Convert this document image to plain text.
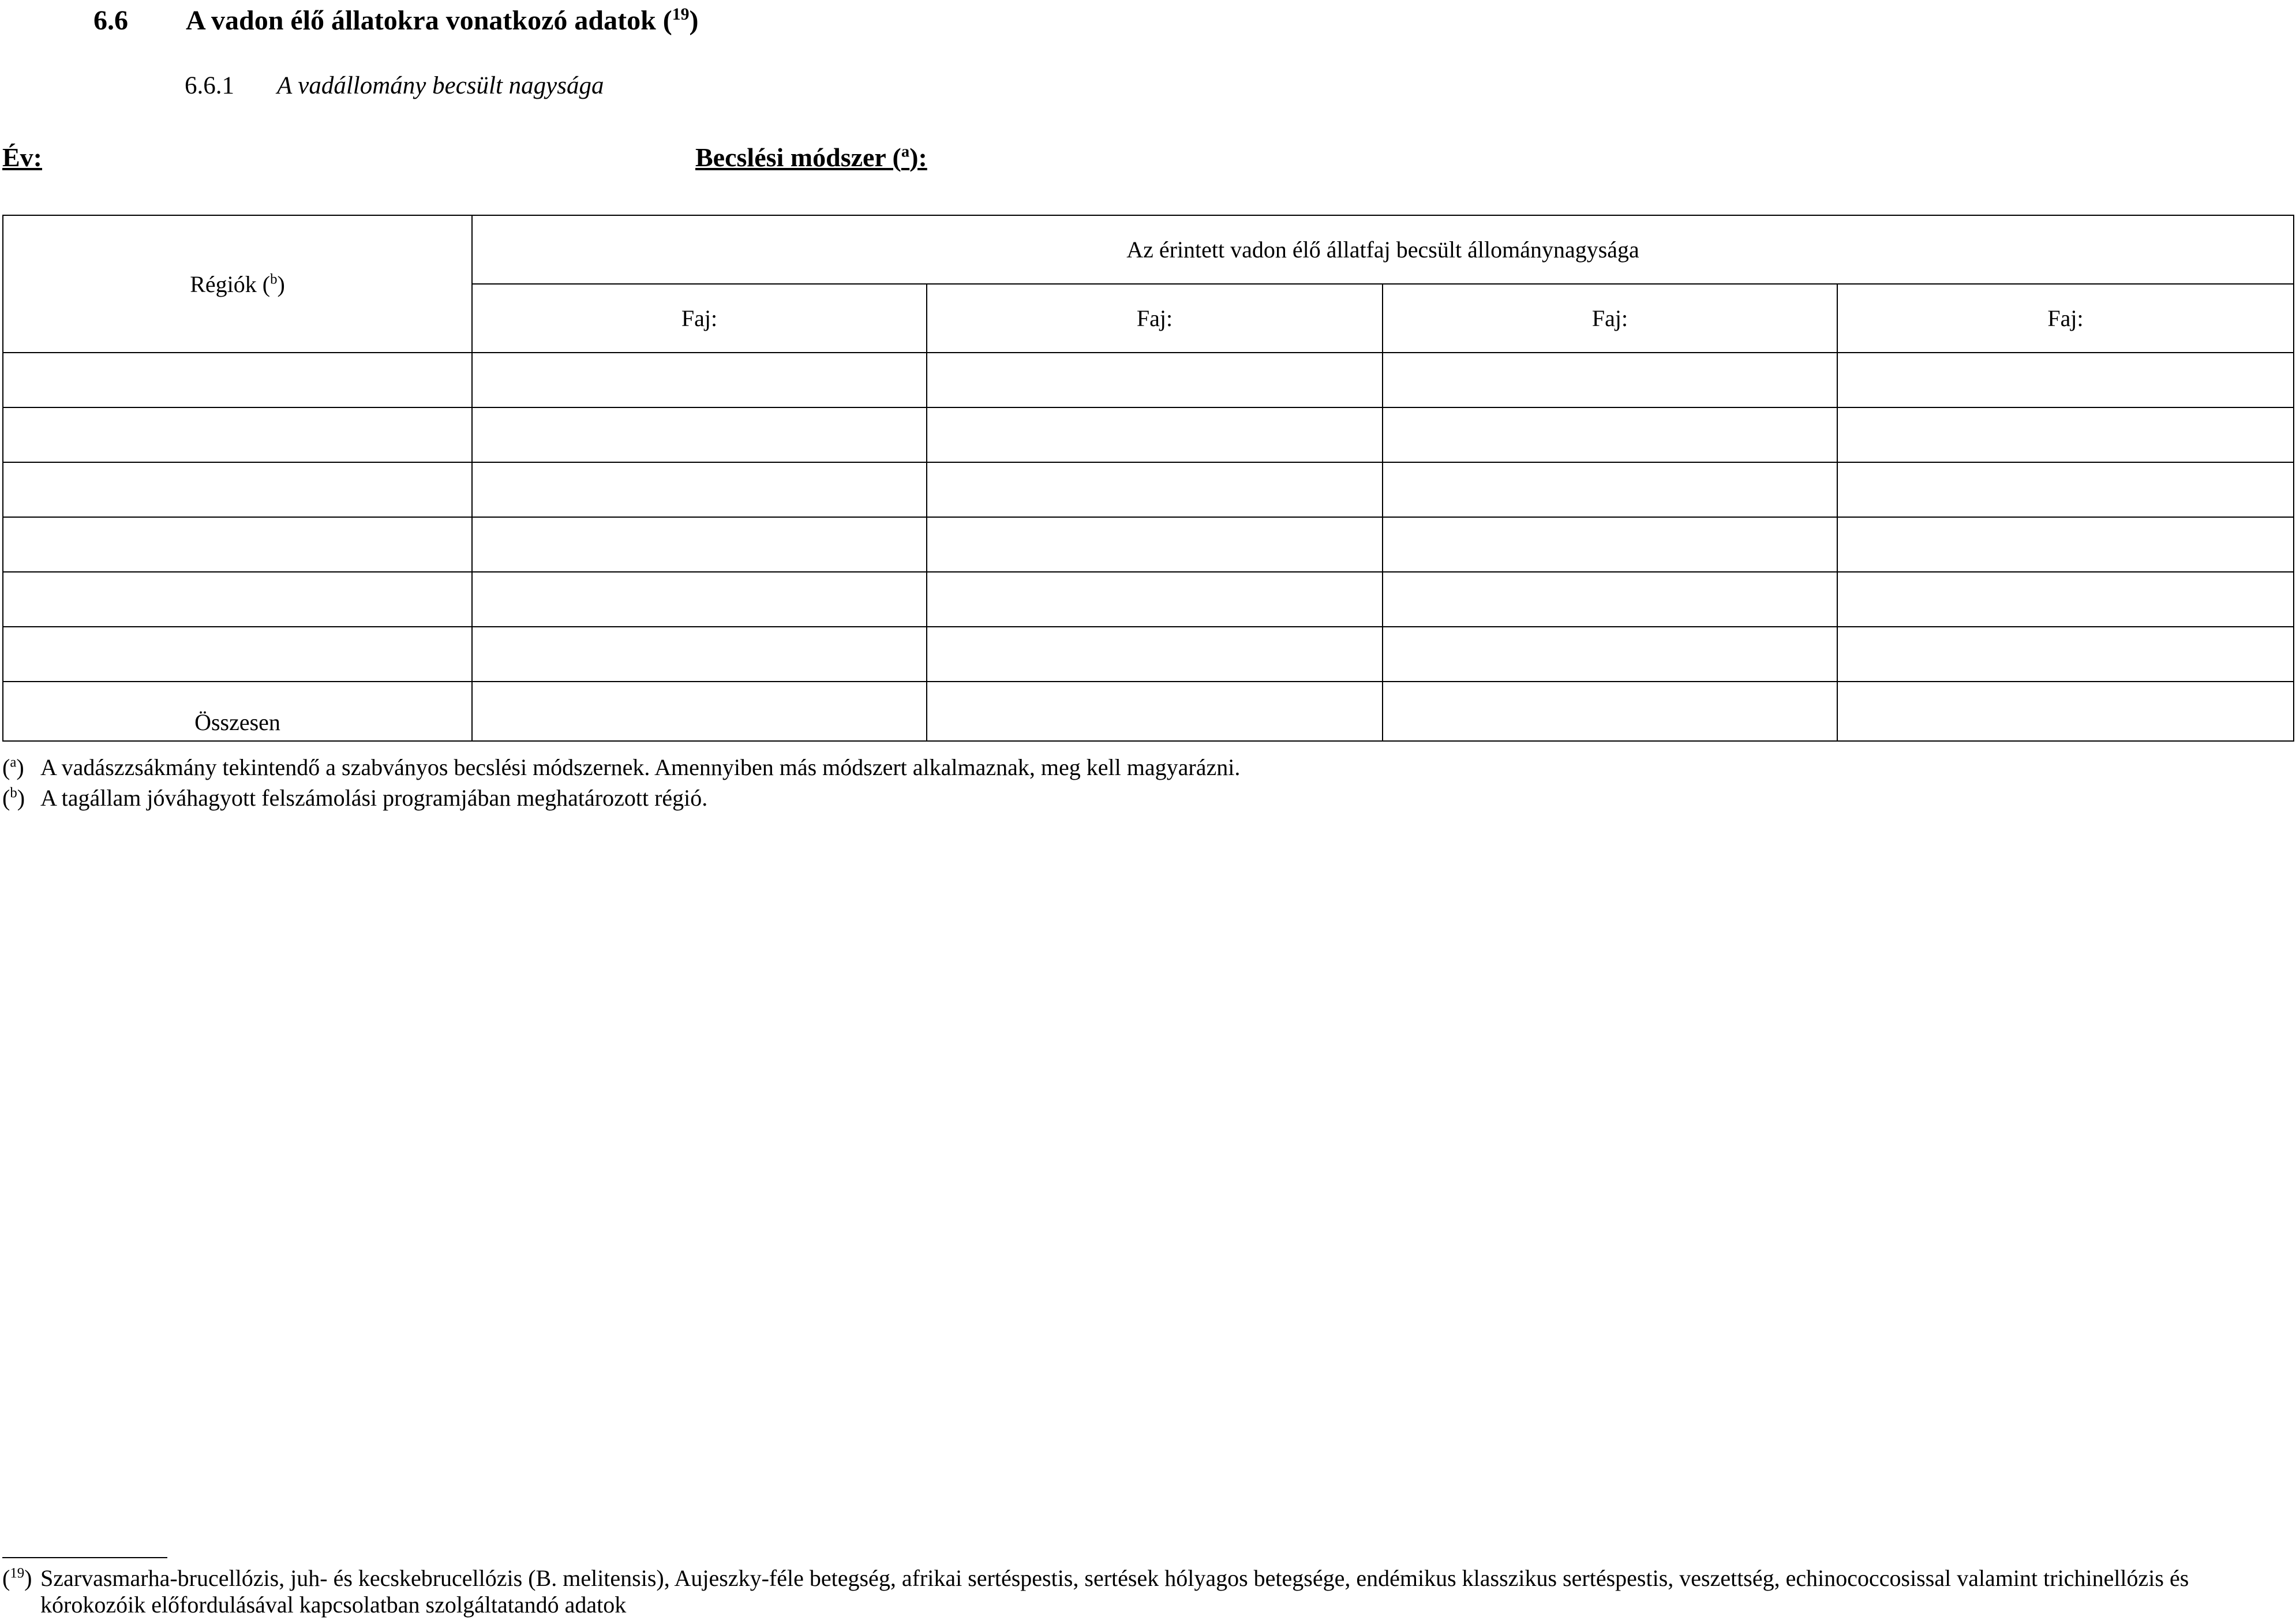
6.6 A vadon élő állatokra vonatkozó adatok ($^{19}$)
6.6.1 A vadállomány becsült nagysága
Év:	Becslési módszer ($^a$):
Régiók ($^b$)	Az érintett vadon élő állatfaj becsült állománynagysága			
	Faj:	Faj:	Faj:	Faj:

Összesen				
($^a$) A vadászzsákmány tekintendő a szabványos becslési módszernek. Amennyiben más módszert alkalmaznak, meg kell magyarázni.
($^b$) A tagállam jóváhagyott felszámolási programjában meghatározott régió.
($^{19}$) Szarvasmarha-brucellózis, juh- és kecskebrucellózis (B. melitensis), Aujeszky-féle betegség, afrikai sertéspestis, sertések hólyagos betegsége, endémikus klasszikus sertéspestis, veszettség, echinococcosissal valamint trichinellózis és kórokozóik előfordulásával kapcsolatban szolgáltatandó adatok
